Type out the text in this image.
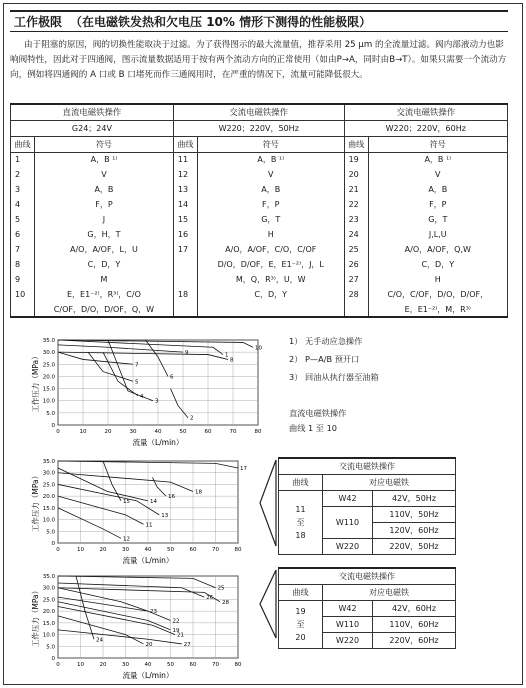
工作极限 （在电磁铁发热和欠电压 10% 情形下测得的性能极限）

由于阻塞的原因，阀的切换性能取决于过滤。为了获得图示的最大流量值，推荐采用 25 μm 的全流量过滤。阀内部液动力也影响阀特性，因此对于四通阀，图示流量数据适用于按有两个流动方向的正常使用（如由P→A，同时由B→T）。如果只需要一个流动方向，例如将四通阀的 A 口或 B 口堵死而作三通阀用时，在严重的情况下，流量可能降低很大。

直流电磁铁操作		交流电磁铁操作		交流电磁铁操作	
G24；24V		W220；220V，50Hz		W220；220V，60Hz	
曲线	符号	曲线	符号	曲线	符号
1	A，B ¹⁾	11	A，B ¹⁾	19	A，B ¹⁾
2	V	12	V	20	V
3	A，B	13	A，B	21	A，B
4	F，P	14	F，P	22	F，P
5	J	15	G，T	23	G，T
6	G，H，T	16	H	24	J,L,U
7	A/O，A/OF，L，U	17	A/O，A/OF，C/O，C/OF	25	A/O，A/OF，Q,W
8	C，D，Y		D/O，D/OF，E，E1⁻²⁾，J，L	26	C，D，Y
9	M		M，Q，R³⁾，U，W	27	H
10	E，E1⁻²⁾，R³⁾，C/O	18	C，D，Y	28	C/O，C/OF，D/O，D/OF，
	C/OF，D/O，D/OF，Q，W				E，E1⁻²⁾，M，R³⁾
0	10	20	30	40	50	60	70	80
0
5.0
10.0
15.0
20.0
25.0
30.0
35.0
1
2
3
4
5
6
7
8
9
10
流量（L/min）
工作压力（MPa）
0	10	20	30	40	50	60	70	80
0
5.0
10.0
15.0
20.0
25.0
30.0
35.0
11
12
13
14
15
16
17
18
流量（L/min）
工作压力（MPa）
0	10	20	30	40	50	60	70	80
0
5.0
10.0
15.0
20.0
25.0
30.0
35.0
19
20
21
22
23
24
25
26
27
28
流量（L/min）
工作压力（MPa）
1） 无手动应急操作
2） P—A/B 预开口
3） 回油从执行器至油箱
直流电磁铁操作
曲线 1 至 10
交流电磁铁操作		
曲线	对应电磁铁	

11
至
18	W42	42V，50Hz
	W110	110V，50Hz
		120V，60Hz
	W220	220V，50Hz
交流电磁铁操作		
曲线	对应电磁铁	

19
至
20	W42	42V，60Hz
	W110	110V，60Hz
	W220	220V，60Hz
